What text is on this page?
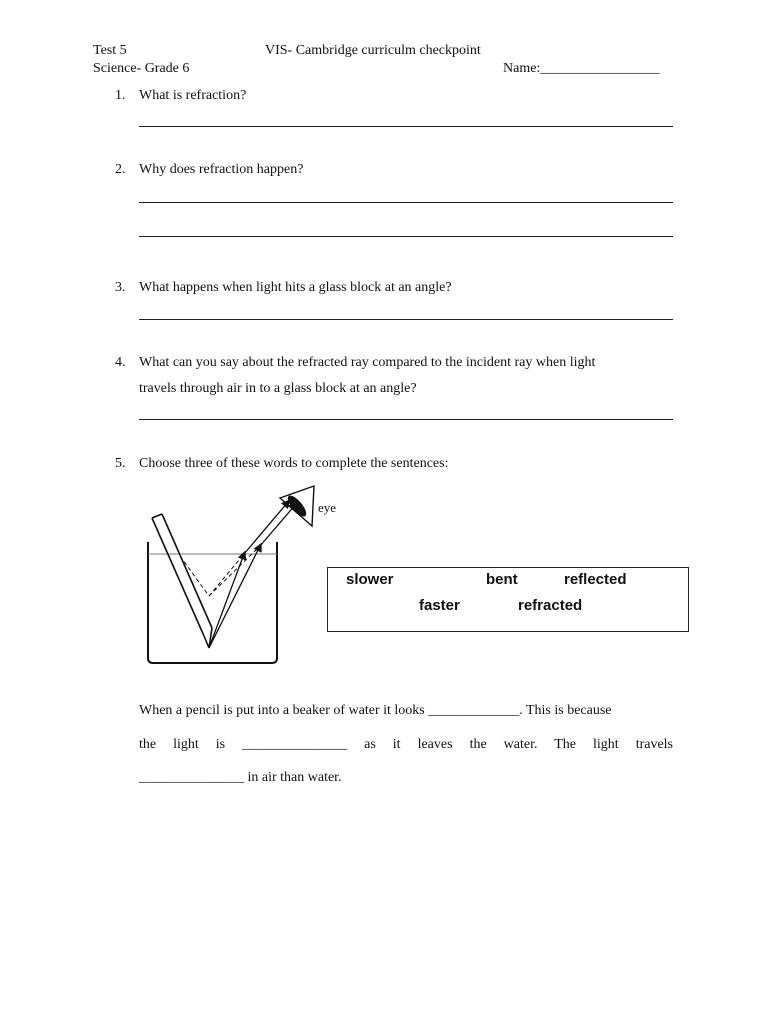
Test 5	VIS- Cambridge curriculm checkpoint
Science- Grade 6	Name:_________________
1. What is refraction?
2. Why does refraction happen?
3. What happens when light hits a glass block at an angle?
4. What can you say about the refracted ray compared to the incident ray when light
travels through air in to a glass block at an angle?
5. Choose three of these words to complete the sentences:
eye
slower	bent	reflected
faster	refracted
When a pencil is put into a beaker of water it looks _____________. This is because
the light is _______________ as it leaves the water. The light travels
_______________ in air than water.
